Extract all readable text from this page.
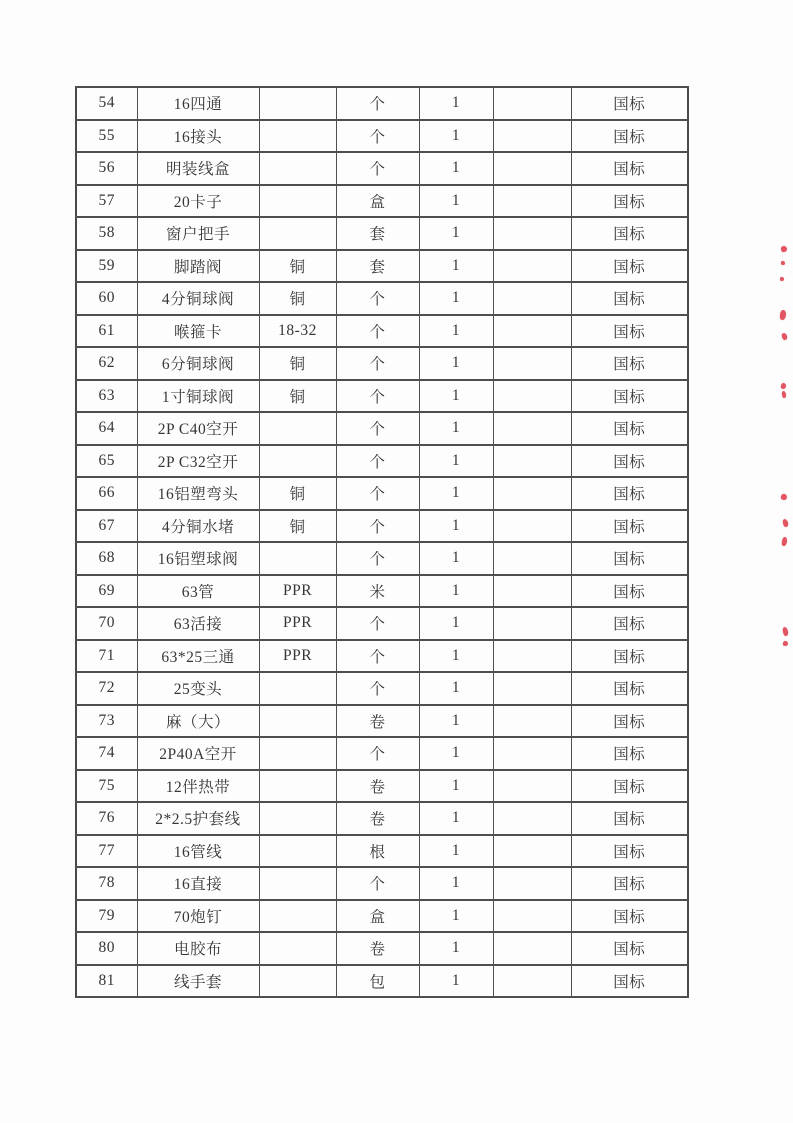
54	16四通		个	1		国标
55	16接头		个	1		国标
56	明装线盒		个	1		国标
57	20卡子		盒	1		国标
58	窗户把手		套	1		国标
59	脚踏阀	铜	套	1		国标
60	4分铜球阀	铜	个	1		国标
61	喉箍卡	18-32	个	1		国标
62	6分铜球阀	铜	个	1		国标
63	1寸铜球阀	铜	个	1		国标
64	2P C40空开		个	1		国标
65	2P C32空开		个	1		国标
66	16铝塑弯头	铜	个	1		国标
67	4分铜水堵	铜	个	1		国标
68	16铝塑球阀		个	1		国标
69	63管	PPR	米	1		国标
70	63活接	PPR	个	1		国标
71	63*25三通	PPR	个	1		国标
72	25变头		个	1		国标
73	麻（大）		卷	1		国标
74	2P40A空开		个	1		国标
75	12伴热带		卷	1		国标
76	2*2.5护套线		卷	1		国标
77	16管线		根	1		国标
78	16直接		个	1		国标
79	70炮钉		盒	1		国标
80	电胶布		卷	1		国标
81	线手套		包	1		国标
